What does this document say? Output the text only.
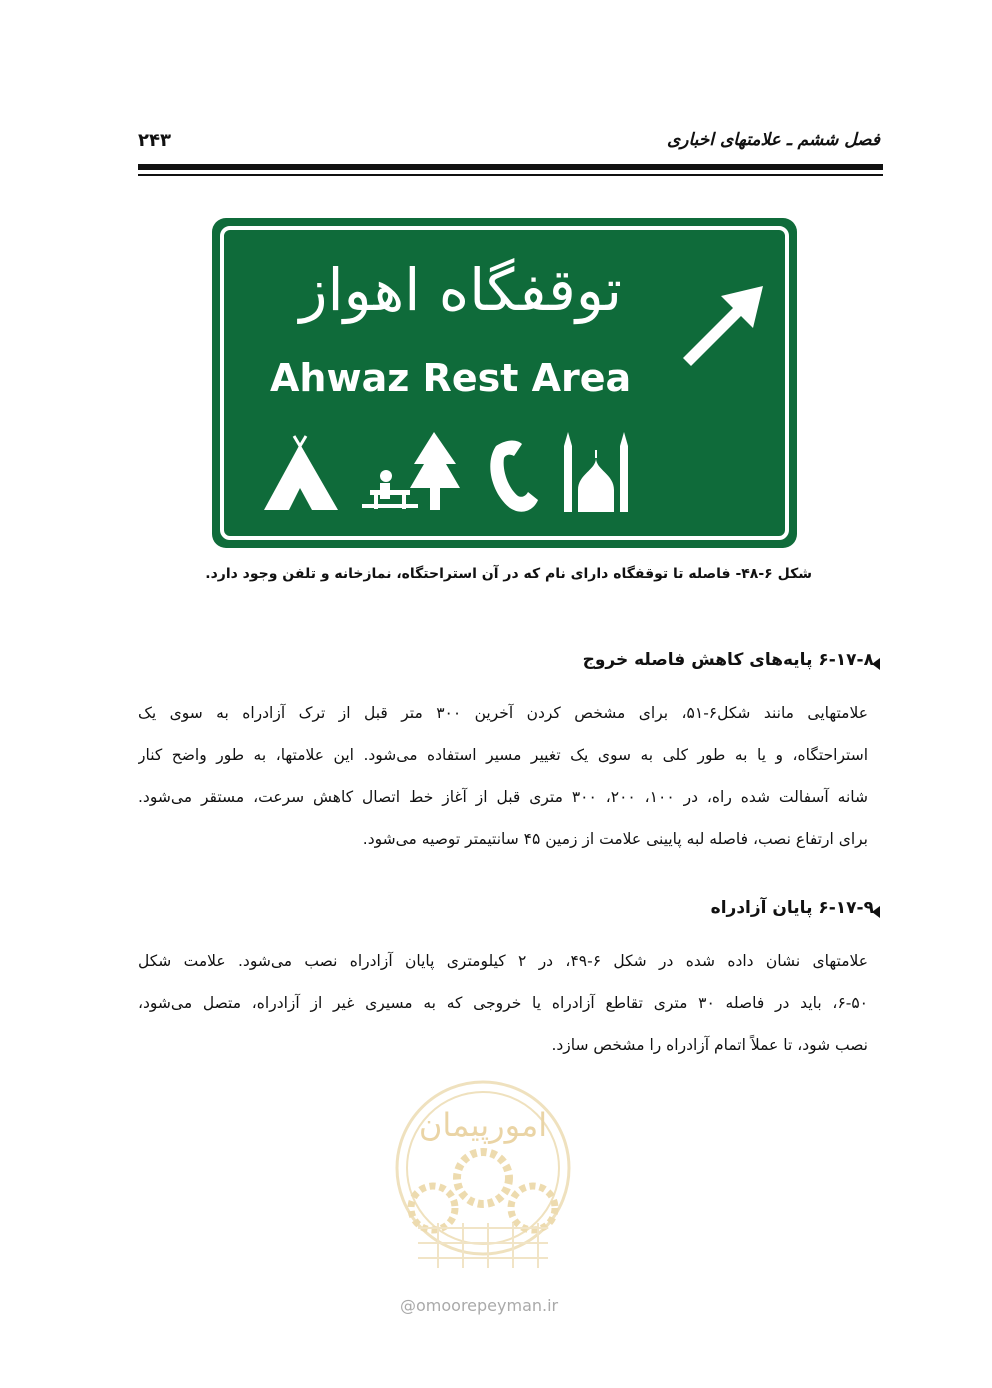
فصل ششم ـ علامتهای اخباری
۲۴۳
توقفگاه اهواز
Ahwaz Rest Area
شکل ۶-۴۸- فاصله تا توقفگاه دارای نام که در آن استراحتگاه، نمازخانه و تلفن وجود دارد.
۶-۱۷-۸ پایه‌های کاهش فاصله خروج
علامتهایی مانند شکل۶-۵۱، برای مشخص کردن آخرین ۳۰۰ متر قبل از ترک آزادراه به سوی یک
استراحتگاه، و یا به طور کلی به سوی یک تغییر مسیر استفاده می‌شود. این علامتها، به طور واضح کنار
شانه آسفالت شده راه، در ۱۰۰، ۲۰۰، ۳۰۰ متری قبل از آغاز خط اتصال کاهش سرعت، مستقر می‌شود.
برای ارتفاع نصب، فاصله لبه پایینی علامت از زمین ۴۵ سانتیمتر توصیه می‌شود.
۶-۱۷-۹ پایان آزادراه
علامتهای نشان داده شده در شکل ۶-۴۹، در ۲ کیلومتری پایان آزادراه نصب می‌شود. علامت شکل
۶-۵۰، باید در فاصله ۳۰ متری تقاطع آزادراه یا خروجی که به مسیری غیر از آزادراه، متصل می‌شود،
نصب شود، تا عملاً اتمام آزادراه را مشخص سازد.
امورپیمان
@omoorepeyman.ir
